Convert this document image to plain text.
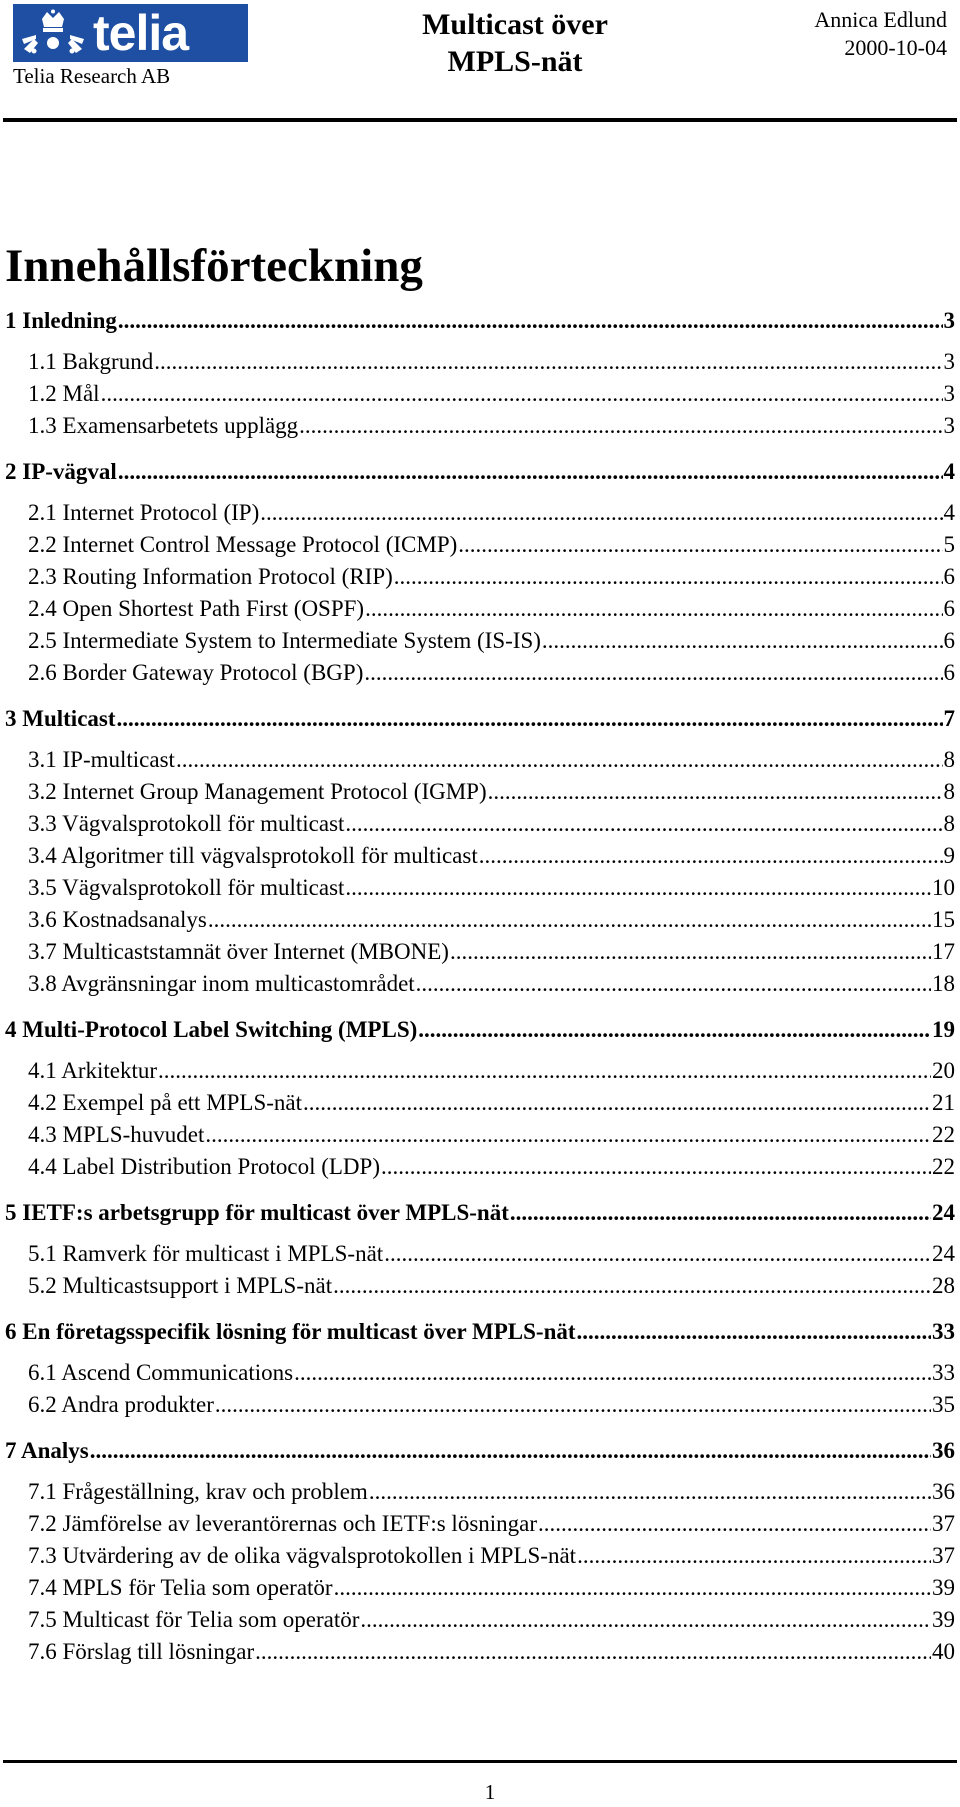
telia
Telia Research AB
Multicast över
MPLS-nät
Annica Edlund
2000-10-04
Innehållsförteckning
1 Inledning .....	3
1.1 Bakgrund .....	3
1.2 Mål .....	3
1.3 Examensarbetets upplägg .....	3
2 IP-vägval .....	4
2.1 Internet Protocol (IP) .....	4
2.2 Internet Control Message Protocol (ICMP) .....	5
2.3 Routing Information Protocol (RIP) .....	6
2.4 Open Shortest Path First (OSPF) .....	6
2.5 Intermediate System to Intermediate System (IS-IS) .....	6
2.6 Border Gateway Protocol (BGP) .....	6
3 Multicast .....	7
3.1 IP-multicast .....	8
3.2 Internet Group Management Protocol (IGMP) .....	8
3.3 Vägvalsprotokoll för multicast .....	8
3.4 Algoritmer till vägvalsprotokoll för multicast .....	9
3.5 Vägvalsprotokoll för multicast .....	10
3.6 Kostnadsanalys .....	15
3.7 Multicaststamnät över Internet (MBONE) .....	17
3.8 Avgränsningar inom multicastområdet .....	18
4 Multi-Protocol Label Switching (MPLS) .....	19
4.1 Arkitektur .....	20
4.2 Exempel på ett MPLS-nät .....	21
4.3 MPLS-huvudet .....	22
4.4 Label Distribution Protocol (LDP) .....	22
5 IETF:s arbetsgrupp för multicast över MPLS-nät .....	24
5.1 Ramverk för multicast i MPLS-nät .....	24
5.2 Multicastsupport i MPLS-nät .....	28
6 En företagsspecifik lösning för multicast över MPLS-nät .....	33
6.1 Ascend Communications .....	33
6.2 Andra produkter .....	35
7 Analys .....	36
7.1 Frågeställning, krav och problem .....	36
7.2 Jämförelse av leverantörernas och IETF:s lösningar .....	37
7.3 Utvärdering av de olika vägvalsprotokollen i MPLS-nät .....	37
7.4 MPLS för Telia som operatör .....	39
7.5 Multicast för Telia som operatör .....	39
7.6 Förslag till lösningar .....	40
1
